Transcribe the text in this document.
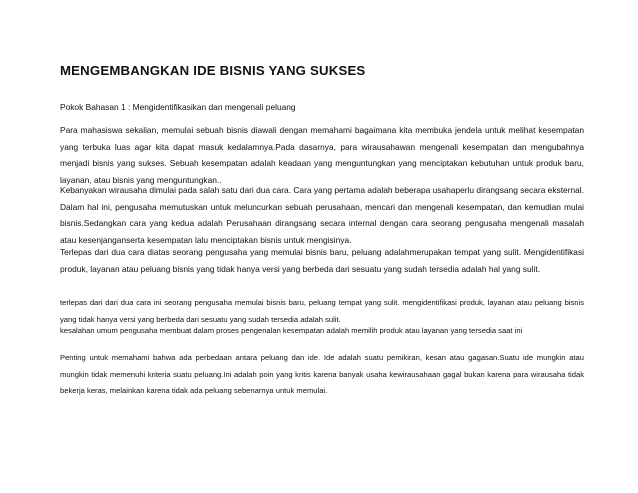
MENGEMBANGKAN IDE BISNIS YANG SUKSES
Pokok Bahasan 1 : Mengidentifikasikan dan mengenali peluang
Para mahasiswa sekalian, memulai sebuah bisnis diawali dengan memahami bagaimana kita membuka jendela untuk melihat kesempatan yang terbuka luas agar kita dapat masuk kedalamnya.Pada dasarnya, para wirausahawan mengenali kesempatan dan mengubahnya menjadi bisnis yang sukses. Sebuah kesempatan adalah keadaan yang menguntungkan yang menciptakan kebutuhan untuk produk baru, layanan, atau bisnis yang menguntungkan..
Kebanyakan wirausaha dimulai pada salah satu dari dua cara. Cara yang pertama adalah beberapa usahaperlu dirangsang secara eksternal. Dalam hal ini, pengusaha memutuskan untuk meluncurkan sebuah perusahaan, mencari dan mengenali kesempatan, dan kemudian mulai bisnis.Sedangkan cara yang kedua adalah Perusahaan dirangsang secara internal dengan cara seorang pengusaha mengenali masalah atau kesenjanganserta kesempatan lalu menciptakan bisnis untuk mengisinya.
Terlepas dari dua cara diatas seorang pengusaha yang memulai bisnis baru, peluang adalahmerupakan tempat yang sulit. Mengidentifikasi produk, layanan atau peluang bisnis yang tidak hanya versi yang berbeda dari sesuatu yang sudah tersedia adalah hal yang sulit.
terlepas dari dari dua cara ini seorang pengusaha memulai bisnis baru, peluang tempat yang sulit. mengidentifikasi produk, layanan atau peluang bisnis yang tidak hanya versi yang berbeda dari sesuatu yang sudah tersedia adalah sulit.
kesalahan umum pengusaha membuat dalam proses pengenalan kesempatan adalah memilih produk atau layanan yang tersedia saat ini
Penting untuk memahami bahwa ada perbedaan antara peluang dan ide. Ide adalah suatu pemikiran, kesan atau gagasan.Suatu ide mungkin atau mungkin tidak memenuhi kriteria suatu peluang.Ini adalah poin yang kritis karena banyak usaha kewirausahaan gagal bukan karena para wirausaha tidak bekerja keras, melainkan karena tidak ada peluang sebenarnya untuk memulai.
